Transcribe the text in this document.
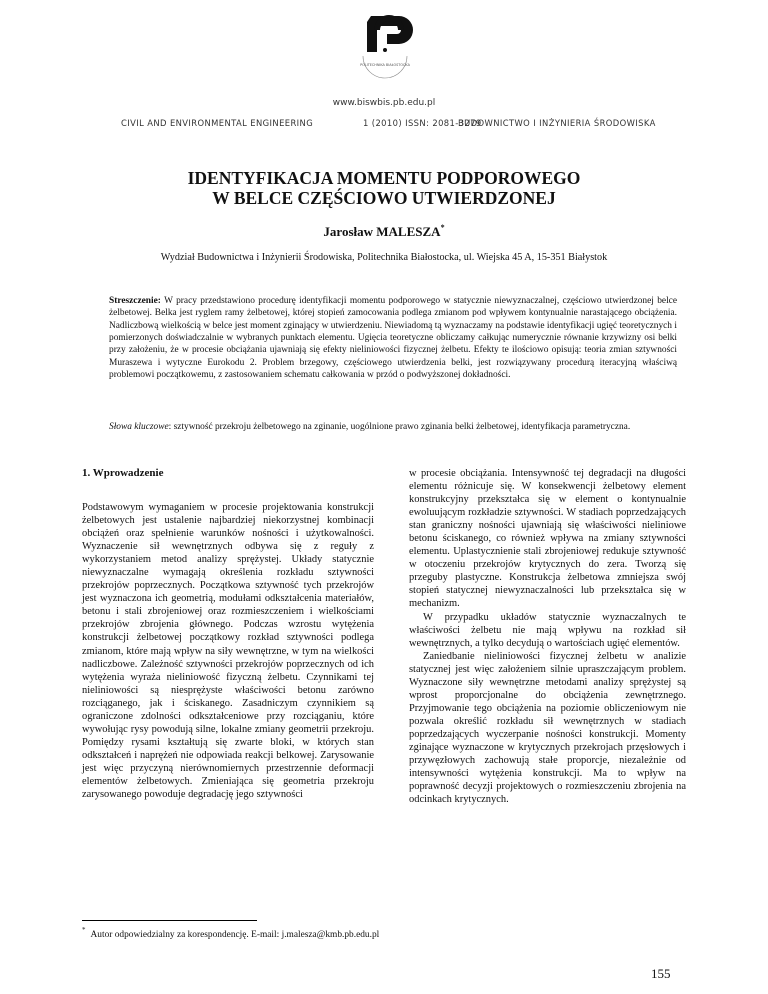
POLITECHNIKA BIAŁOSTOCKA
www.biswbis.pb.edu.pl
CIVIL AND ENVIRONMENTAL ENGINEERING	1 (2010) ISSN: 2081-3279
BUDOWNICTWO I INŻYNIERIA ŚRODOWISKA
IDENTYFIKACJA MOMENTU PODPOROWEGO
W BELCE CZĘŚCIOWO UTWIERDZONEJ
Jarosław MALESZA*
Wydział Budownictwa i Inżynierii Środowiska, Politechnika Białostocka, ul. Wiejska 45 A, 15-351 Białystok
Streszczenie: W pracy przedstawiono procedurę identyfikacji momentu podporowego w statycznie niewyznaczalnej, częściowo utwierdzonej belce żelbetowej. Belka jest ryglem ramy żelbetowej, której stopień zamocowania podlega zmianom pod wpływem kontynualnie narastającego obciążenia. Nadliczbową wielkością w belce jest moment zginający w utwierdzeniu. Niewiadomą tą wyznaczamy na podstawie identyfikacji ugięć teoretycznych i pomierzonych doświadczalnie w wybranych punktach elementu. Ugięcia teoretyczne obliczamy całkując numerycznie równanie krzywizny osi belki przy założeniu, że w procesie obciążania ujawniają się efekty nieliniowości fizycznej żelbetu. Efekty te ilościowo opisują: teoria zmian sztywności Muraszewa i wytyczne Eurokodu 2. Problem brzegowy, częściowego utwierdzenia belki, jest rozwiązywany procedurą iteracyjną właściwą problemowi początkowemu, z zastosowaniem schematu całkowania w przód o podwyższonej dokładności.
Słowa kluczowe: sztywność przekroju żelbetowego na zginanie, uogólnione prawo zginania belki żelbetowej, identyfikacja parametryczna.
1. Wprowadzenie

Podstawowym wymaganiem w procesie projektowania konstrukcji żelbetowych jest ustalenie najbardziej niekorzystnej kombinacji obciążeń oraz spełnienie warunków nośności i użytkowalności. Wyznaczenie sił wewnętrznych odbywa się z reguły z wykorzystaniem metod analizy sprężystej. Układy statycznie niewyznaczalne wymagają określenia rozkładu sztywności przekrojów poprzecznych. Początkowa sztywność tych przekrojów jest wyznaczona ich geometrią, modułami odkształcenia materiałów, betonu i stali zbrojeniowej oraz rozmieszczeniem i wielkościami przekrojów zbrojenia głównego. Podczas wzrostu wytężenia konstrukcji żelbetowej początkowy rozkład sztywności podlega zmianom, które mają wpływ na siły wewnętrzne, w tym na wielkości nadliczbowe. Zależność sztywności przekrojów poprzecznych od ich wytężenia wyraża nieliniowość fizyczną żelbetu. Czynnikami tej nieliniowości są niesprężyste właściwości betonu zarówno rozciąganego, jak i ściskanego. Zasadniczym czynnikiem są ograniczone zdolności odkształceniowe przy rozciąganiu, które wywołując rysy powodują silne, lokalne zmiany geometrii przekroju. Pomiędzy rysami kształtują się zwarte bloki, w których stan odkształceń i naprężeń nie odpowiada reakcji belkowej. Zarysowanie jest więc przyczyną nierównomiernych przestrzennie deformacji elementów żelbetowych. Zmieniająca się geometria przekroju zarysowanego powoduje degradację jego sztywności

w procesie obciążania. Intensywność tej degradacji na długości elementu różnicuje się. W konsekwencji żelbetowy element konstrukcyjny przekształca się w element o kontynualnie ewoluującym rozkładzie sztywności. W stadiach poprzedzających stan graniczny nośności ujawniają się właściwości nieliniowe betonu ściskanego, co również wpływa na zmiany sztywności elementu. Uplastycznienie stali zbrojeniowej redukuje sztywność w otoczeniu przekrojów krytycznych do zera. Tworzą się przeguby plastyczne. Konstrukcja żelbetowa zmniejsza swój stopień statycznej niewyznaczalności lub przekształca się w mechanizm.

W przypadku układów statycznie wyznaczalnych te właściwości żelbetu nie mają wpływu na rozkład sił wewnętrznych, a tylko decydują o wartościach ugięć elementów.

Zaniedbanie nieliniowości fizycznej żelbetu w analizie statycznej jest więc założeniem silnie upraszczającym problem. Wyznaczone siły wewnętrzne metodami analizy sprężystej są wprost proporcjonalne do obciążenia zewnętrznego. Przyjmowanie tego obciążenia na poziomie obliczeniowym nie pozwala określić rozkładu sił wewnętrznych w stadiach poprzedzających wyczerpanie nośności konstrukcji. Momenty zginające wyznaczone w krytycznych przekrojach przęsłowych i przywęzłowych zachowują stałe proporcje, niezależnie od intensywności wytężenia konstrukcji. Ma to wpływ na poprawność decyzji projektowych o rozmieszczeniu zbrojenia na odcinkach krytycznych.

* Autor odpowiedzialny za korespondencję. E-mail: j.malesza@kmb.pb.edu.pl
155
